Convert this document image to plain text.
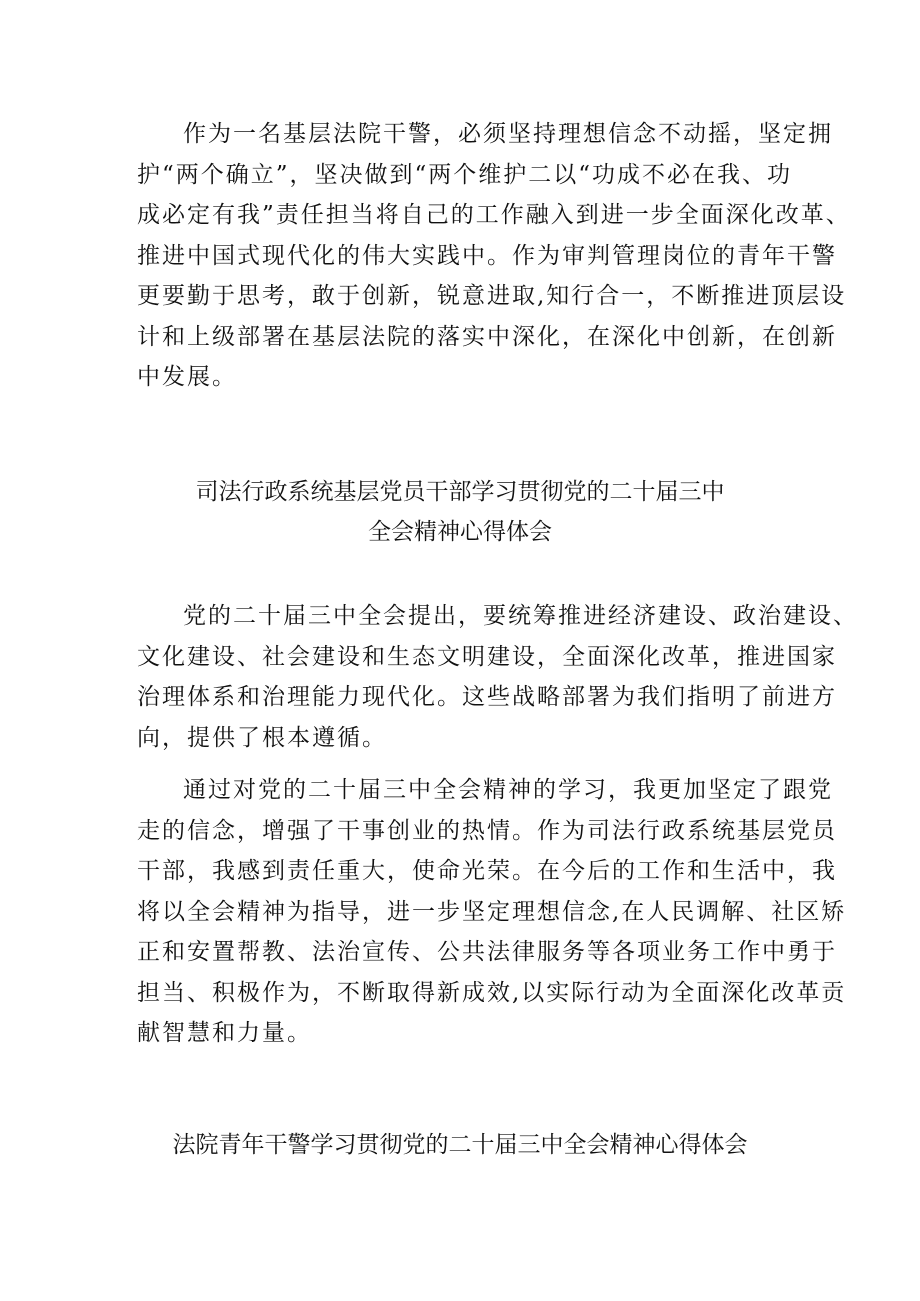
作为一名基层法院干警，必须坚持理想信念不动摇，坚定拥
护“两个确立”，坚决做到“两个维护二以“功成不必在我、功
成必定有我”责任担当将自己的工作融入到进一步全面深化改革、
推进中国式现代化的伟大实践中。作为审判管理岗位的青年干警
更要勤于思考，敢于创新，锐意进取,知行合一，不断推进顶层设
计和上级部署在基层法院的落实中深化，在深化中创新，在创新
中发展。
司法行政系统基层党员干部学习贯彻党的二十届三中
全会精神心得体会
党的二十届三中全会提出，要统筹推进经济建设、政治建设、
文化建设、社会建设和生态文明建设，全面深化改革，推进国家
治理体系和治理能力现代化。这些战略部署为我们指明了前进方
向，提供了根本遵循。
通过对党的二十届三中全会精神的学习，我更加坚定了跟党
走的信念，增强了干事创业的热情。作为司法行政系统基层党员
干部，我感到责任重大，使命光荣。在今后的工作和生活中，我
将以全会精神为指导，进一步坚定理想信念,在人民调解、社区矫
正和安置帮教、法治宣传、公共法律服务等各项业务工作中勇于
担当、积极作为，不断取得新成效,以实际行动为全面深化改革贡
献智慧和力量。
法院青年干警学习贯彻党的二十届三中全会精神心得体会
